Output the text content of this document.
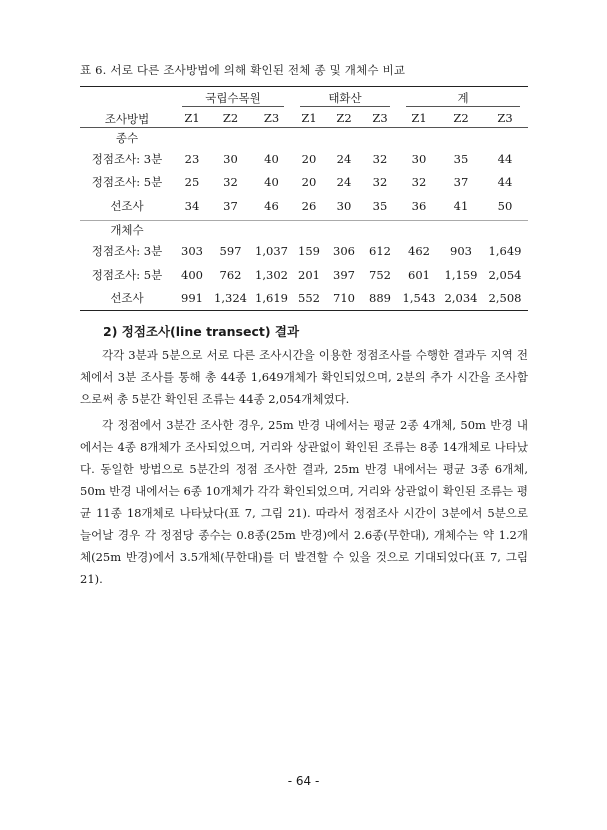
표 6. 서로 다른 조사방법에 의해 확인된 전체 종 및 개체수 비교
조사방법	국립수목원			태화산			계		

	Z1	Z2	Z3	Z1	Z2	Z3	Z1	Z2	Z3
종수									
정점조사: 3분	23	30	40	20	24	32	30	35	44
정점조사: 5분	25	32	40	20	24	32	32	37	44
선조사	34	37	46	26	30	35	36	41	50
개체수									
정점조사: 3분	303	597	1,037	159	306	612	462	903	1,649
정점조사: 5분	400	762	1,302	201	397	752	601	1,159	2,054
선조사	991	1,324	1,619	552	710	889	1,543	2,034	2,508
2) 정점조사(line transect) 결과

각각 3분과 5분으로 서로 다른 조사시간을 이용한 정점조사를 수행한 결과두 지역 전체에서 3분 조사를 통해 총 44종 1,649개체가 확인되었으며, 2분의 추가 시간을 조사함으로써 총 5분간 확인된 조류는 44종 2,054개체였다.

각 정점에서 3분간 조사한 경우, 25m 반경 내에서는 평균 2종 4개체, 50m 반경 내에서는 4종 8개체가 조사되었으며, 거리와 상관없이 확인된 조류는 8종 14개체로 나타났다. 동일한 방법으로 5분간의 정점 조사한 결과, 25m 반경 내에서는 평균 3종 6개체, 50m 반경 내에서는 6종 10개체가 각각 확인되었으며, 거리와 상관없이 확인된 조류는 평균 11종 18개체로 나타났다(표 7, 그림 21). 따라서 정점조사 시간이 3분에서 5분으로 늘어날 경우 각 정점당 종수는 0.8종(25m 반경)에서 2.6종(무한대), 개체수는 약 1.2개체(25m 반경)에서 3.5개체(무한대)를 더 발견할 수 있을 것으로 기대되었다(표 7, 그림 21).

- 64 -
